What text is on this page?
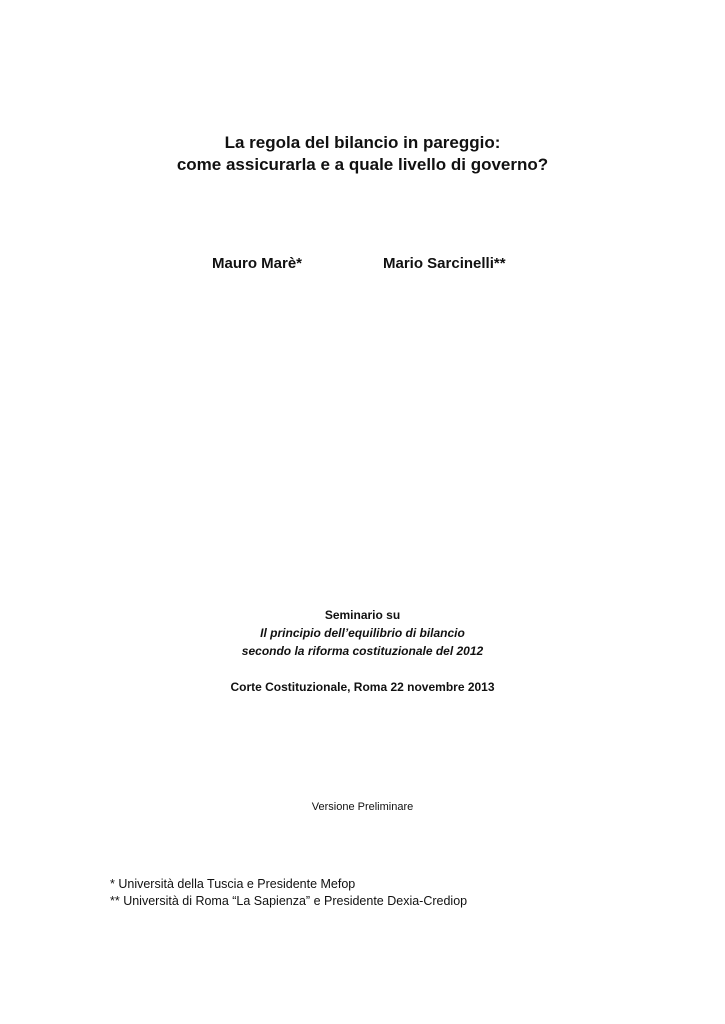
La regola del bilancio in pareggio:
come assicurarla e a quale livello di governo?
Mauro Marè*	Mario Sarcinelli**
Seminario su
Il principio dell’equilibrio di bilancio
secondo la riforma costituzionale del 2012
Corte Costituzionale, Roma 22 novembre 2013
Versione Preliminare
* Università della Tuscia e Presidente Mefop
** Università di Roma “La Sapienza” e Presidente Dexia-Crediop
